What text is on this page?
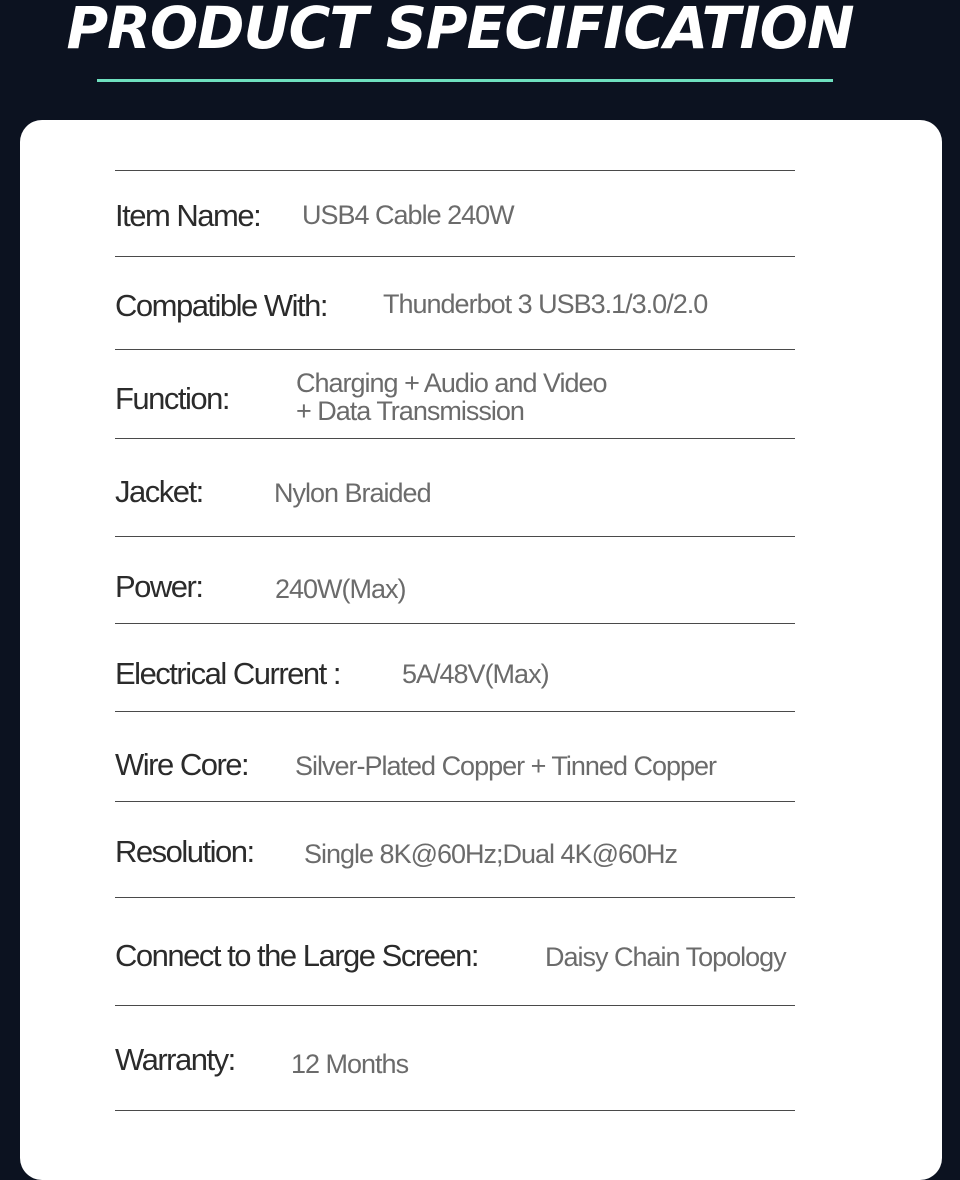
PRODUCT SPECIFICATION
Item Name: USB4 Cable 240W
Compatible With: Thunderbot 3 USB3.1/3.0/2.0
Function: Charging + Audio and Video
+ Data Transmission
Jacket:	Nylon Braided
Power:	240W(Max)
Electrical Current : 5A/48V(Max)
Wire Core: Silver-Plated Copper + Tinned Copper
Resolution: Single 8K@60Hz;Dual 4K@60Hz
Connect to the Large Screen: Daisy Chain Topology
Warranty: 12 Months
